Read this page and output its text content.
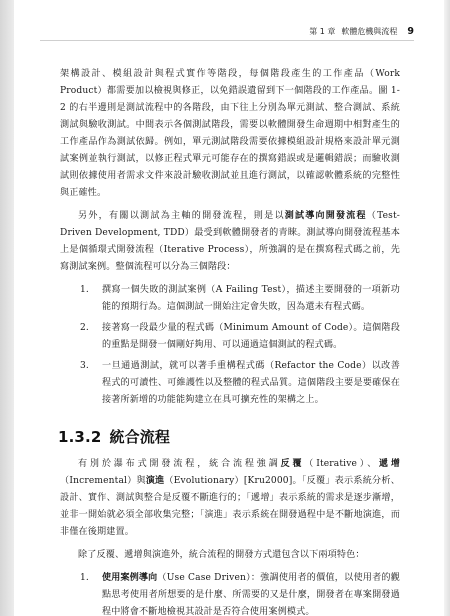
第 1 章 軟體危機與流程 9

架構設計、模組設計與程式實作等階段，每個階段產生的工作產品（Work Product）都需要加以檢視與修正，以免錯誤遺留到下一個階段的工作產品。圖 1-2 的右半邊則是測試流程中的各階段，由下往上分別為單元測試、整合測試、系統測試與驗收測試。中間表示各個測試階段，需要以軟體開發生命週期中相對產生的工作產品作為測試依歸。例如，單元測試階段需要依據模組設計規格來設計單元測試案例並執行測試，以修正程式單元可能存在的撰寫錯誤或是邏輯錯誤；而驗收測試則依據使用者需求文件來設計驗收測試並且進行測試，以確認軟體系統的完整性與正確性。

另外，有關以測試為主軸的開發流程，則是以測試導向開發流程（Test-Driven Development, TDD）最受到軟體開發者的青睞。測試導向開發流程基本上是個循環式開發流程（Iterative Process），所強調的是在撰寫程式碼之前，先寫測試案例。整個流程可以分為三個階段：

1.	撰寫一個失敗的測試案例（A Failing Test），描述主要開發的一項新功能的預期行為。這個測試一開始注定會失敗，因為還未有程式碼。
2.	接著寫一段最少量的程式碼（Minimum Amount of Code）。這個階段的重點是開發一個剛好夠用、可以通過這個測試的程式碼。
3.	一旦通過測試，就可以著手重構程式碼（Refactor the Code）以改善程式的可讀性、可維護性以及整體的程式品質。這個階段主要是要確保在接著所新增的功能能夠建立在具可擴充性的架構之上。
1.3.2 統合流程

有別於瀑布式開發流程，統合流程強調反覆（Iterative）、遞增（Incremental）與演進（Evolutionary）[Kru2000]。「反覆」表示系統分析、設計、實作、測試與整合是反覆不斷進行的；「遞增」表示系統的需求是逐步漸增，並非一開始就必須全部收集完整；「演進」表示系統在開發過程中是不斷地演進，而非僅在後期建置。

除了反覆、遞增與演進外，統合流程的開發方式還包含以下兩項特色：

1.	使用案例導向（Use Case Driven）：強調使用者的價值，以使用者的觀點思考使用者所想要的是什麼、所需要的又是什麼，開發者在專案開發過程中將會不斷地檢視其設計是否符合使用案例模式。
